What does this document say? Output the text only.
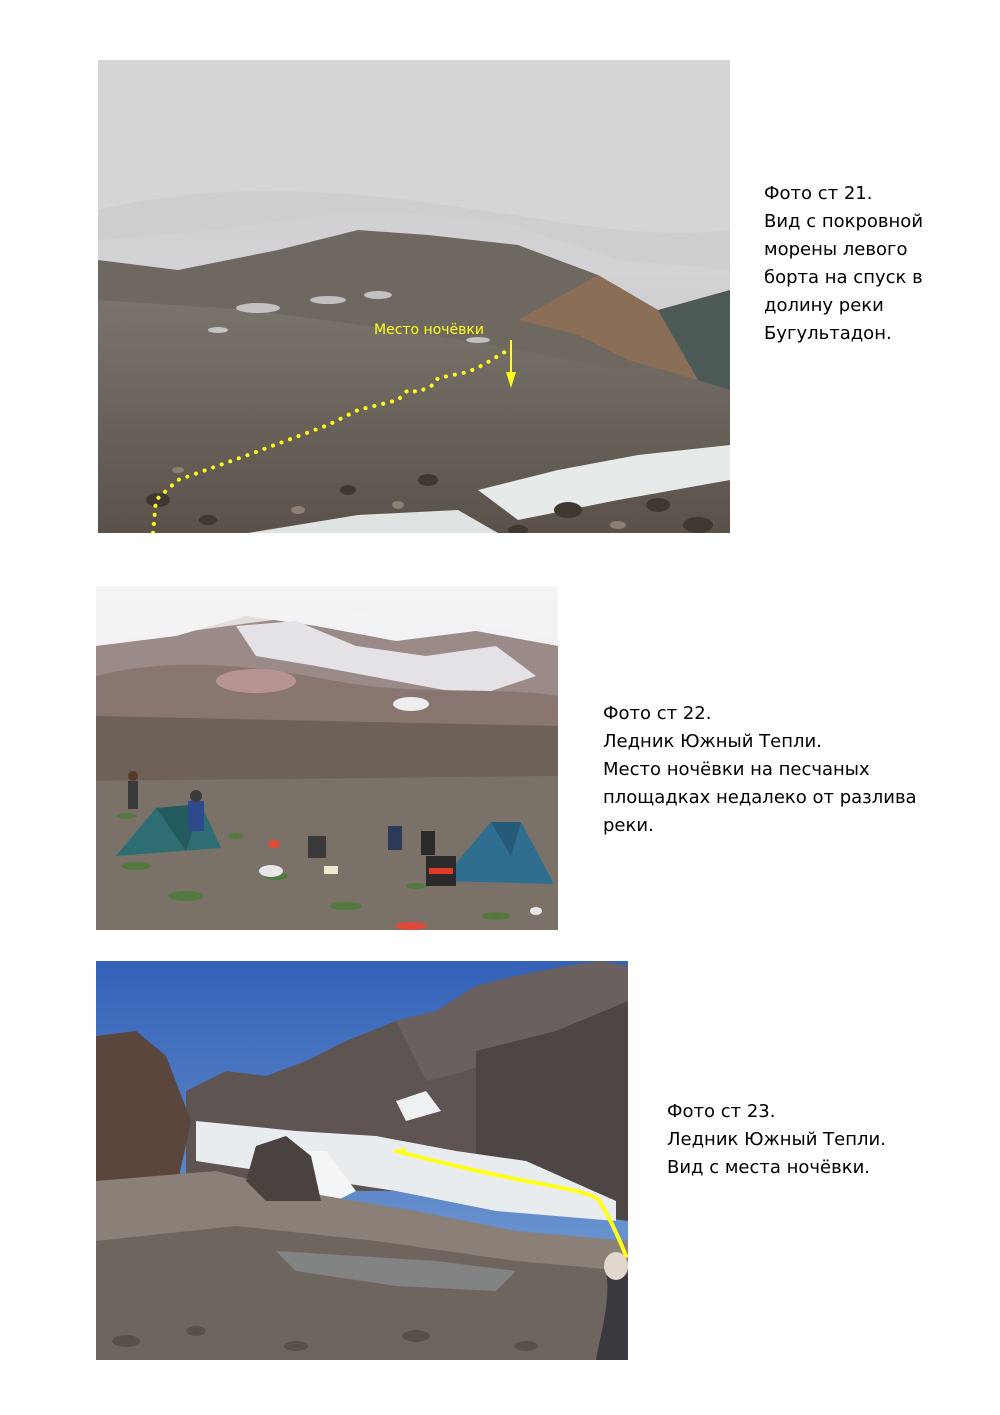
Место ночёвки
Фото ст 21.
Вид с покровной
морены левого
борта на спуск в
долину реки
Бугультадон.
Фото ст 22.
Ледник Южный Тепли.
Место ночёвки на песчаных
площадках недалеко от разлива
реки.
Фото ст 23.
Ледник Южный Тепли.
Вид с места ночёвки.
